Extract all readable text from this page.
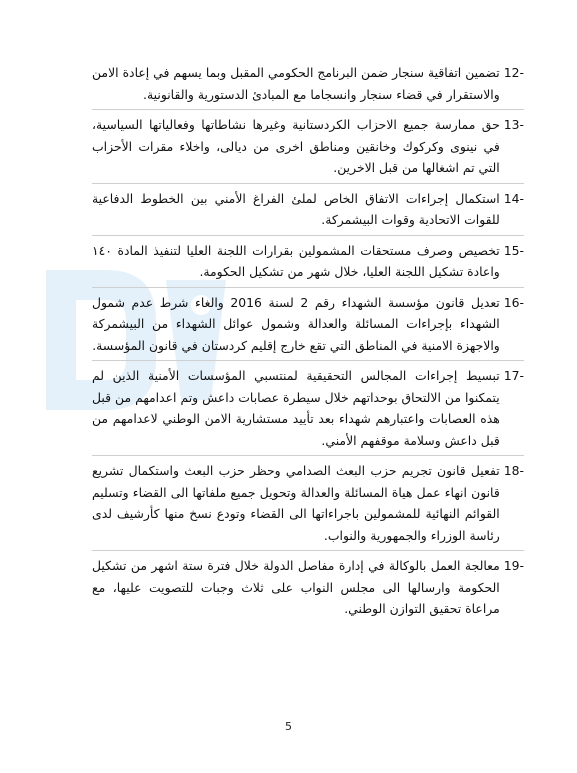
12-
تضمين اتفاقية سنجار ضمن البرنامج الحكومي المقبل وبما يسهم في إعادة الامن والاستقرار في قضاء سنجار وانسجاما مع المبادئ الدستورية والقانونية.
13-
حق ممارسة جميع الاحزاب الكردستانية وغيرها نشاطاتها وفعالياتها السياسية، في نينوى وكركوك وخانقين ومناطق اخرى من ديالى، واخلاء مقرات الأحزاب التي تم اشغالها من قبل الاخرين.
14-
استكمال إجراءات الاتفاق الخاص لملئ الفراغ الأمني بين الخطوط الدفاعية للقوات الاتحادية وقوات البيشمركة.
15-
تخصيص وصرف مستحقات المشمولين بقرارات اللجنة العليا لتنفيذ المادة ١٤٠ واعادة تشكيل اللجنة العليا، خلال شهر من تشكيل الحكومة.
16-
تعديل قانون مؤسسة الشهداء رقم 2 لسنة 2016 والغاء شرط عدم شمول الشهداء بإجراءات المسائلة والعدالة وشمول عوائل الشهداء من البيشمركة والاجهزة الامنية في المناطق التي تقع خارج إقليم كردستان في قانون المؤسسة.
17-
تبسيط إجراءات المجالس التحقيقية لمنتسبي المؤسسات الأمنية الذين لم يتمكنوا من الالتحاق بوحداتهم خلال سيطرة عصابات داعش وتم اعدامهم من قبل هذه العصابات واعتبارهم شهداء بعد تأييد مستشارية الامن الوطني لاعدامهم من قبل داعش وسلامة موقفهم الأمني.
18-
تفعيل قانون تجريم حزب البعث الصدامي وحظر حزب البعث واستكمال تشريع قانون انهاء عمل هياة المسائلة والعدالة وتحويل جميع ملفاتها الى القضاء وتسليم القوائم النهائية للمشمولين باجراءاتها الى القضاء وتودع نسخ منها كأرشيف لدى رئاسة الوزراء والجمهورية والنواب.
19-
معالجة العمل بالوكالة في إدارة مفاصل الدولة خلال فترة ستة اشهر من تشكيل الحكومة وارسالها الى مجلس النواب على ثلاث وجبات للتصويت عليها، مع مراعاة تحقيق التوازن الوطني.
5
